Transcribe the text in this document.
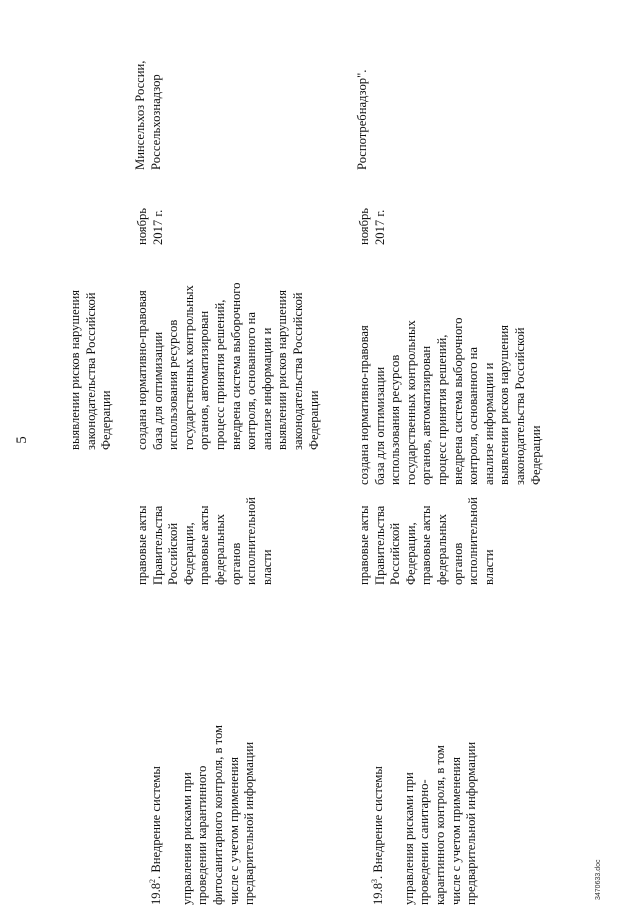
5	выявлении рисков нарушения
законодательства Российской
Федерации

19.8$^2$. Внедрение системы управления рисками при
проведении карантинного
фитосанитарного контроля, в том
числе с учетом применения
предварительной информации

правовые акты
Правительства
Российской
Федерации,
правовые акты
федеральных
органов
исполнительной
власти
создана нормативно-правовая
база для оптимизации
использования ресурсов
государственных контрольных
органов, автоматизирован
процесс принятия решений,
внедрена система выборочного
контроля, основанного на
анализе информации и
выявлении рисков нарушения
законодательства Российской
Федерации
ноябрь
2017 г.
Минсельхоз России,
Россельхознадзор

19.8$^3$. Внедрение системы управления рисками при
проведении санитарно-
карантинного контроля, в том
числе с учетом применения
предварительной информации

правовые акты
Правительства
Российской
Федерации,
правовые акты
федеральных
органов
исполнительной
власти
создана нормативно-правовая
база для оптимизации
использования ресурсов
государственных контрольных
органов, автоматизирован
процесс принятия решений,
внедрена система выборочного
контроля, основанного на
анализе информации и
выявлении рисков нарушения
законодательства Российской
Федерации
ноябрь
2017 г.
Роспотребнадзор".
3470633.doc
